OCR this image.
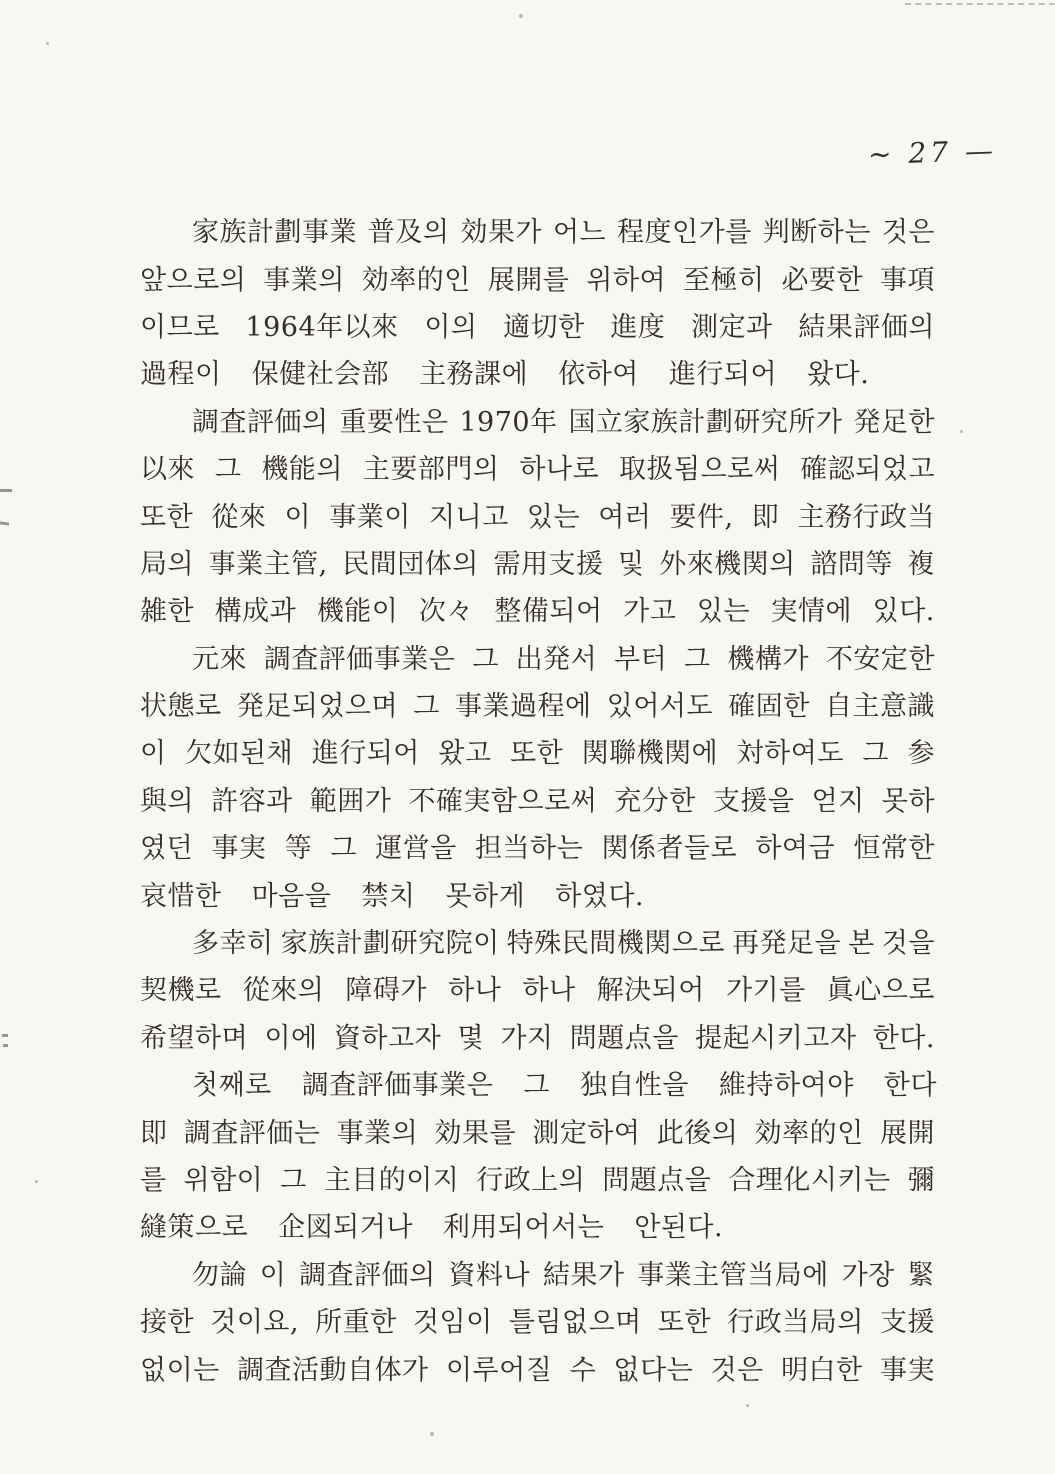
∼ 27 —
家族計劃事業 普及의 効果가 어느 程度인가를 判断하는 것은
앞으로의 事業의 効率的인 展開를 위하여 至極히 必要한 事項
이므로 1964年以來 이의 適切한 進度 測定과 結果評価의
過程이 保健社会部 主務課에 依하여 進行되어 왔다.
調査評価의 重要性은 1970年 国立家族計劃研究所가 発足한
以來 그 機能의 主要部門의 하나로 取扱됨으로써 確認되었고
또한 從來 이 事業이 지니고 있는 여러 要件, 即 主務行政当
局의 事業主管, 民間団体의 需用支援 및 外來機関의 諮問等 複
雑한 構成과 機能이 次々 整備되어 가고 있는 実情에 있다.
元來 調査評価事業은 그 出発서 부터 그 機構가 不安定한
状態로 発足되었으며 그 事業過程에 있어서도 確固한 自主意識
이 欠如된채 進行되어 왔고 또한 関聯機関에 対하여도 그 参
與의 許容과 範囲가 不確実함으로써 充分한 支援을 얻지 못하
였던 事実 等 그 運営을 担当하는 関係者들로 하여금 恒常한
哀惜한 마음을 禁치 못하게 하였다.
多幸히 家族計劃研究院이 特殊民間機関으로 再発足을 본 것을
契機로 從來의 障碍가 하나 하나 解決되어 가기를 眞心으로
希望하며 이에 資하고자 몇 가지 問題点을 提起시키고자 한다.
첫째로 調査評価事業은 그 独自性을 維持하여야 한다
即 調査評価는 事業의 効果를 測定하여 此後의 効率的인 展開
를 위함이 그 主目的이지 行政上의 問題点을 合理化시키는 彌
縫策으로 企図되거나 利用되어서는 안된다.
勿論 이 調査評価의 資料나 結果가 事業主管当局에 가장 緊
接한 것이요, 所重한 것임이 틀림없으며 또한 行政当局의 支援
없이는 調査活動自体가 이루어질 수 없다는 것은 明白한 事実
